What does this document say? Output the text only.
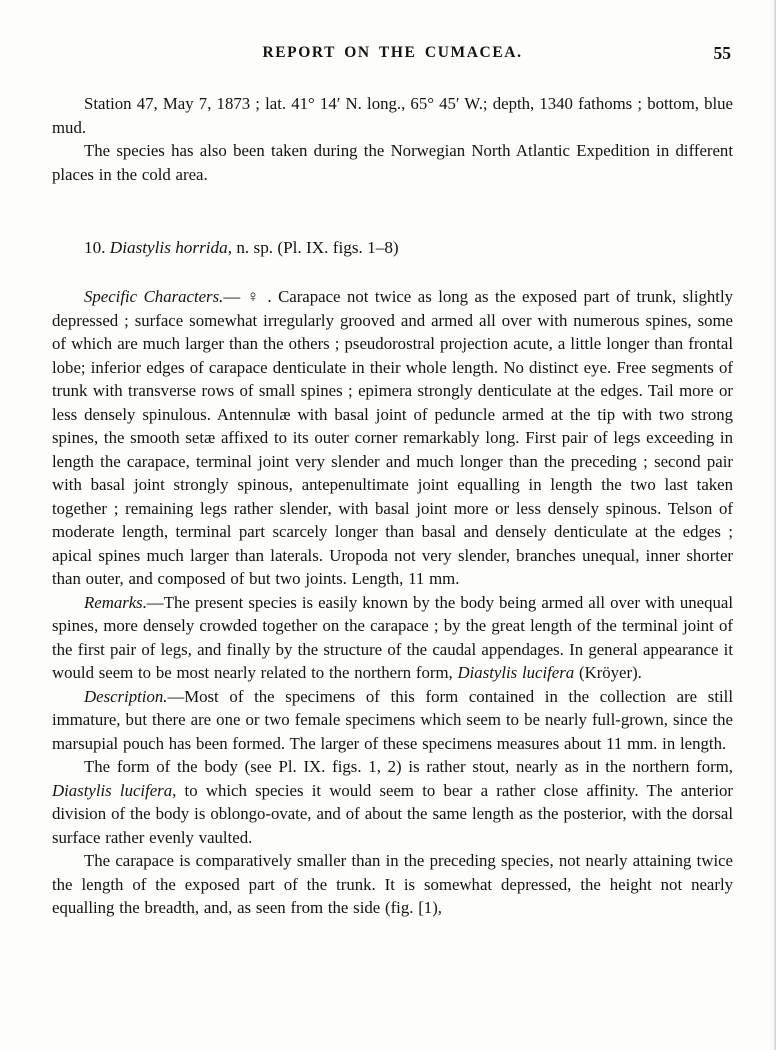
REPORT ON THE CUMACEA.	55

Station 47, May 7, 1873 ; lat. 41° 14′ N. long., 65° 45′ W.; depth, 1340 fathoms ; bottom, blue mud.

The species has also been taken during the Norwegian North Atlantic Expedition in different places in the cold area.

10. Diastylis horrida, n. sp. (Pl. IX. figs. 1–8)

Specific Characters.— ♀ . Carapace not twice as long as the exposed part of trunk, slightly depressed ; surface somewhat irregularly grooved and armed all over with numerous spines, some of which are much larger than the others ; pseudorostral projection acute, a little longer than frontal lobe; inferior edges of carapace denticulate in their whole length. No distinct eye. Free segments of trunk with transverse rows of small spines ; epimera strongly denticulate at the edges. Tail more or less densely spinulous. Antennulæ with basal joint of peduncle armed at the tip with two strong spines, the smooth setæ affixed to its outer corner remarkably long. First pair of legs exceeding in length the carapace, terminal joint very slender and much longer than the preceding ; second pair with basal joint strongly spinous, antepenultimate joint equalling in length the two last taken together ; remaining legs rather slender, with basal joint more or less densely spinous. Telson of moderate length, terminal part scarcely longer than basal and densely denticulate at the edges ; apical spines much larger than laterals. Uropoda not very slender, branches unequal, inner shorter than outer, and composed of but two joints. Length, 11 mm.

Remarks.—The present species is easily known by the body being armed all over with unequal spines, more densely crowded together on the carapace ; by the great length of the terminal joint of the first pair of legs, and finally by the structure of the caudal appendages. In general appearance it would seem to be most nearly related to the northern form, Diastylis lucifera (Kröyer).

Description.—Most of the specimens of this form contained in the collection are still immature, but there are one or two female specimens which seem to be nearly full-grown, since the marsupial pouch has been formed. The larger of these specimens measures about 11 mm. in length.

The form of the body (see Pl. IX. figs. 1, 2) is rather stout, nearly as in the northern form, Diastylis lucifera, to which species it would seem to bear a rather close affinity. The anterior division of the body is oblongo-ovate, and of about the same length as the posterior, with the dorsal surface rather evenly vaulted.

The carapace is comparatively smaller than in the preceding species, not nearly attaining twice the length of the exposed part of the trunk. It is somewhat depressed, the height not nearly equalling the breadth, and, as seen from the side (fig. [1),
